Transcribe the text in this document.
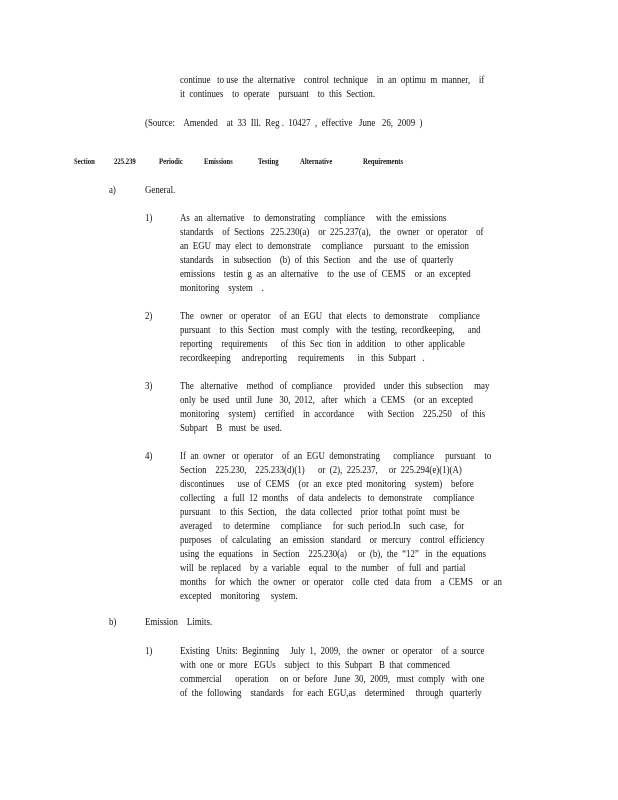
continue   to use  the  alternative    control  technique    in  an  optimu  m  manner,    if
it  continues    to  operate    pursuant    to  this  Section.
(Source:    Amended    at  33  Ill.  Reg .  10427  ,  effective   June   26,  2009  )
Section 225.239	Periodic	Emissions	Testing	Alternative	Requirements
a)	General.
1)	As  an  alternative    to  demonstrating    compliance     with  the  emissions
standards    of  Sections   225.230(a)    or  225.237(a),    the   owner   or  operator    of
an  EGU  may  elect  to  demonstrate     compliance     pursuant   to  the  emission
standards    in  subsection    (b)  of  this  Section    and  the   use  of  quarterly
emissions    testin  g  as  an  alternative    to  the  use  of  CEMS    or  an  excepted
monitoring    system    .
2)	The   owner   or  operator    of  an  EGU   that  elects   to  demonstrate     compliance
pursuant    to  this  Section   must  comply   with  the  testing,  recordkeeping,      and
reporting    requirements      of  this  Sec  tion  in  addition    to  other  applicable
recordkeeping     andreporting     requirements      in   this  Subpart   .
3)	The   alternative    method   of  compliance     provided    under  this  subsection     may
only  be  used   until  June   30,  2012,   after   which   a  CEMS    (or  an  excepted
monitoring    system)    certified    in  accordance      with  Section    225.250    of  this
Subpart    B   must  be  used.
4)	If  an  owner   or  operator    of  an  EGU  demonstrating      compliance     pursuant    to
Section    225.230,    225.233(d)(1)      or  (2),  225.237,     or  225.294(e)(1)(A)
discontinues      use  of  CEMS    (or  an  exce  pted  monitoring    system)    before
collecting    a  full  12  months    of  data  andelects   to  demonstrate     compliance
pursuant    to  this  Section,    the  data  collected    prior  tothat  point  must  be
averaged     to  determine     compliance     for  such  period.In    such  case,   for
purposes    of  calculating    an  emission   standard    or  mercury    control  efficiency
using  the  equations    in  Section    225.230(a)     or  (b),  the  “12”   in  the  equations
will  be  replaced    by  a  variable    equal   to  the  number    of  full  and  partial
months    for  which   the  owner   or  operator    colle  cted   data  from    a  CEMS    or  an
excepted    monitoring     system.
b)	Emission    Limits.
1)	Existing   Units:  Beginning     July  1,  2009,   the  owner   or  operator    of  a  source
with  one  or  more   EGUs    subject   to  this  Subpart   B  that  commenced
commercial      operation     on  or  before   June  30,  2009,   must  comply   with  one
of  the  following    standards    for  each  EGU,as    determined     through   quarterly
